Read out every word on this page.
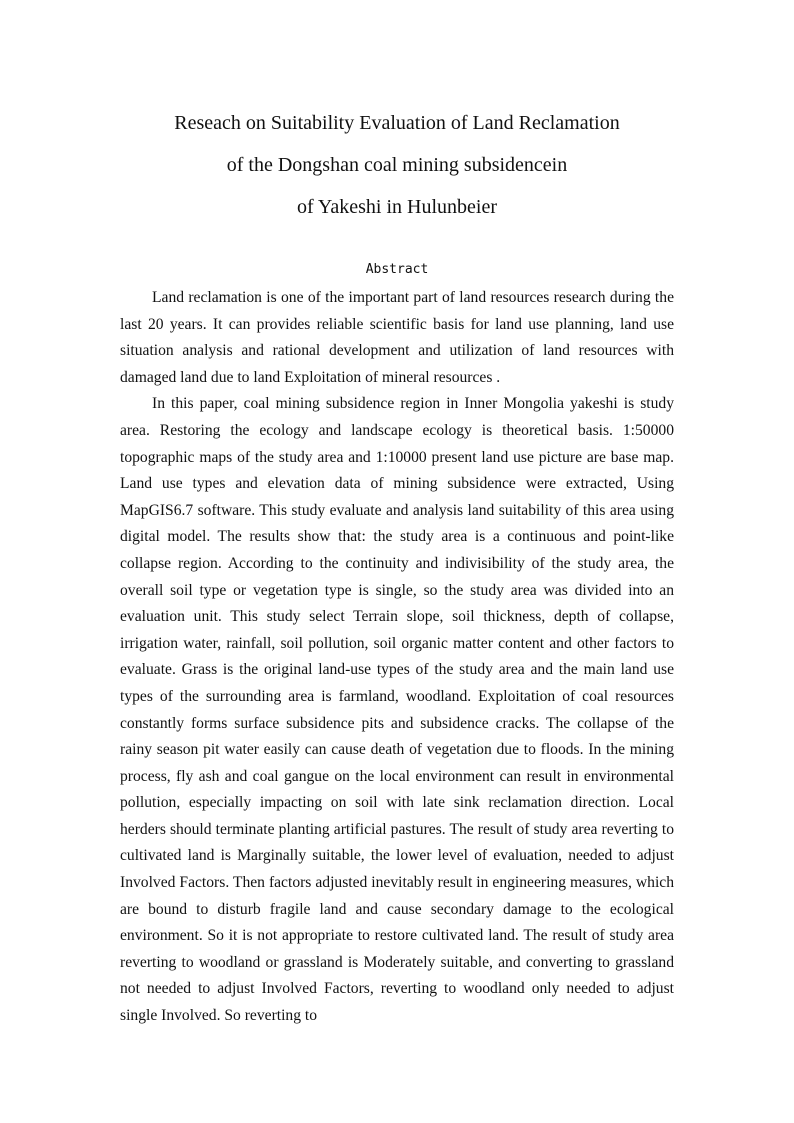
Reseach on Suitability Evaluation of Land Reclamation
of the Dongshan coal mining subsidencein
of Yakeshi in Hulunbeier
Abstract

Land reclamation is one of the important part of land resources research during the last 20 years. It can provides reliable scientific basis for land use planning, land use situation analysis and rational development and utilization of land resources with damaged land due to land Exploitation of mineral resources .

In this paper, coal mining subsidence region in Inner Mongolia yakeshi is study area. Restoring the ecology and landscape ecology is theoretical basis. 1:50000 topographic maps of the study area and 1:10000 present land use picture are base map. Land use types and elevation data of mining subsidence were extracted, Using MapGIS6.7 software. This study evaluate and analysis land suitability of this area using digital model. The results show that: the study area is a continuous and point-like collapse region. According to the continuity and indivisibility of the study area, the overall soil type or vegetation type is single, so the study area was divided into an evaluation unit. This study select Terrain slope, soil thickness, depth of collapse, irrigation water, rainfall, soil pollution, soil organic matter content and other factors to evaluate. Grass is the original land-use types of the study area and the main land use types of the surrounding area is farmland, woodland. Exploitation of coal resources constantly forms surface subsidence pits and subsidence cracks. The collapse of the rainy season pit water easily can cause death of vegetation due to floods. In the mining process, fly ash and coal gangue on the local environment can result in environmental pollution, especially impacting on soil with late sink reclamation direction. Local herders should terminate planting artificial pastures. The result of study area reverting to cultivated land is Marginally suitable, the lower level of evaluation, needed to adjust Involved Factors. Then factors adjusted inevitably result in engineering measures, which are bound to disturb fragile land and cause secondary damage to the ecological environment. So it is not appropriate to restore cultivated land. The result of study area reverting to woodland or grassland is Moderately suitable, and converting to grassland not needed to adjust Involved Factors, reverting to woodland only needed to adjust single Involved. So reverting to
